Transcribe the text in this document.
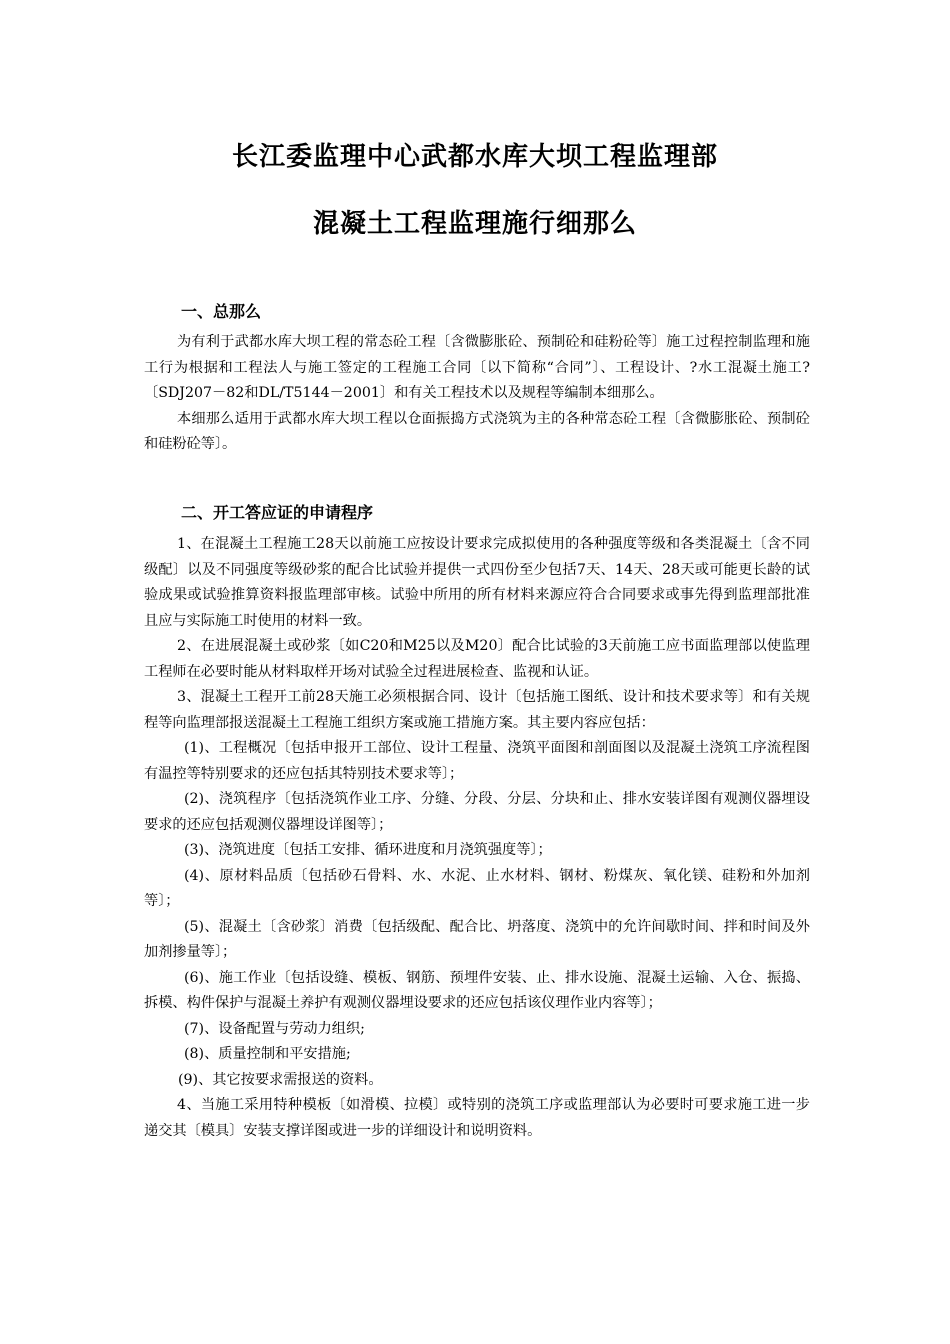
长江委监理中心武都水库大坝工程监理部
混凝土工程监理施行细那么
一、总那么

为有利于武都水库大坝工程的常态砼工程〔含微膨胀砼、预制砼和硅粉砼等〕施工过程控制监理和施工行为根据和工程法人与施工签定的工程施工合同〔以下简称“合同”〕、工程设计、?水工混凝土施工?〔SDJ207－82和DL/T5144－2001〕和有关工程技术以及规程等编制本细那么。

本细那么适用于武都水库大坝工程以仓面振捣方式浇筑为主的各种常态砼工程〔含微膨胀砼、预制砼和硅粉砼等〕。

二、开工答应证的申请程序

1、在混凝土工程施工28天以前施工应按设计要求完成拟使用的各种强度等级和各类混凝土〔含不同级配〕以及不同强度等级砂浆的配合比试验并提供一式四份至少包括7天、14天、28天或可能更长龄的试验成果或试验推算资料报监理部审核。试验中所用的所有材料来源应符合合同要求或事先得到监理部批准且应与实际施工时使用的材料一致。

2、在进展混凝土或砂浆〔如C20和M25以及M20〕配合比试验的3天前施工应书面监理部以使监理工程师在必要时能从材料取样开场对试验全过程进展检查、监视和认证。

3、混凝土工程开工前28天施工必须根据合同、设计〔包括施工图纸、设计和技术要求等〕和有关规程等向监理部报送混凝土工程施工组织方案或施工措施方案。其主要内容应包括：

(1)、工程概况〔包括申报开工部位、设计工程量、浇筑平面图和剖面图以及混凝土浇筑工序流程图有温控等特别要求的还应包括其特别技术要求等〕；

(2)、浇筑程序〔包括浇筑作业工序、分缝、分段、分层、分块和止、排水安装详图有观测仪器埋设要求的还应包括观测仪器埋设详图等〕；

(3)、浇筑进度〔包括工安排、循环进度和月浇筑强度等〕；

(4)、原材料品质〔包括砂石骨料、水、水泥、止水材料、钢材、粉煤灰、氧化镁、硅粉和外加剂等〕；

(5)、混凝土〔含砂浆〕消费〔包括级配、配合比、坍落度、浇筑中的允许间歇时间、拌和时间及外加剂掺量等〕；

(6)、施工作业〔包括设缝、模板、钢筋、预埋件安装、止、排水设施、混凝土运输、入仓、振捣、拆模、构件保护与混凝土养护有观测仪器埋设要求的还应包括该仪理作业内容等〕；

(7)、设备配置与劳动力组织;

(8)、质量控制和平安措施;

(9)、其它按要求需报送的资料。

4、当施工采用特种模板〔如滑模、拉模〕或特别的浇筑工序或监理部认为必要时可要求施工进一步递交其〔模具〕安装支撑详图或进一步的详细设计和说明资料。
